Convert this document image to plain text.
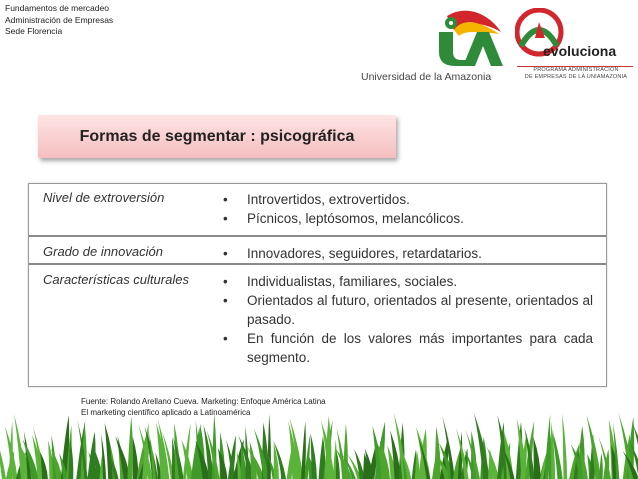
Fundamentos de mercadeo
Administración de Empresas
Sede Florencia
Universidad de la Amazonia
evoluciona
PROGRAMA ADMINISTRACIÓN
DE EMPRESAS DE LA UNIAMAZONIA
Formas de segmentar : psicográfica
Nivel de extroversión	• Introvertidos, extrovertidos.
• Pícnicos, leptósomos, melancólicos.
Grado de innovación	• Innovadores, seguidores, retardatarios.
Características culturales	• Individualistas, familiares, sociales.
• Orientados al futuro, orientados al presente, orientados al pasado.
• En función de los valores más importantes para cada segmento.
Fuente: Rolando Arellano Cueva. Marketing: Enfoque América Latina
El marketing científico aplicado a Latinoamérica
